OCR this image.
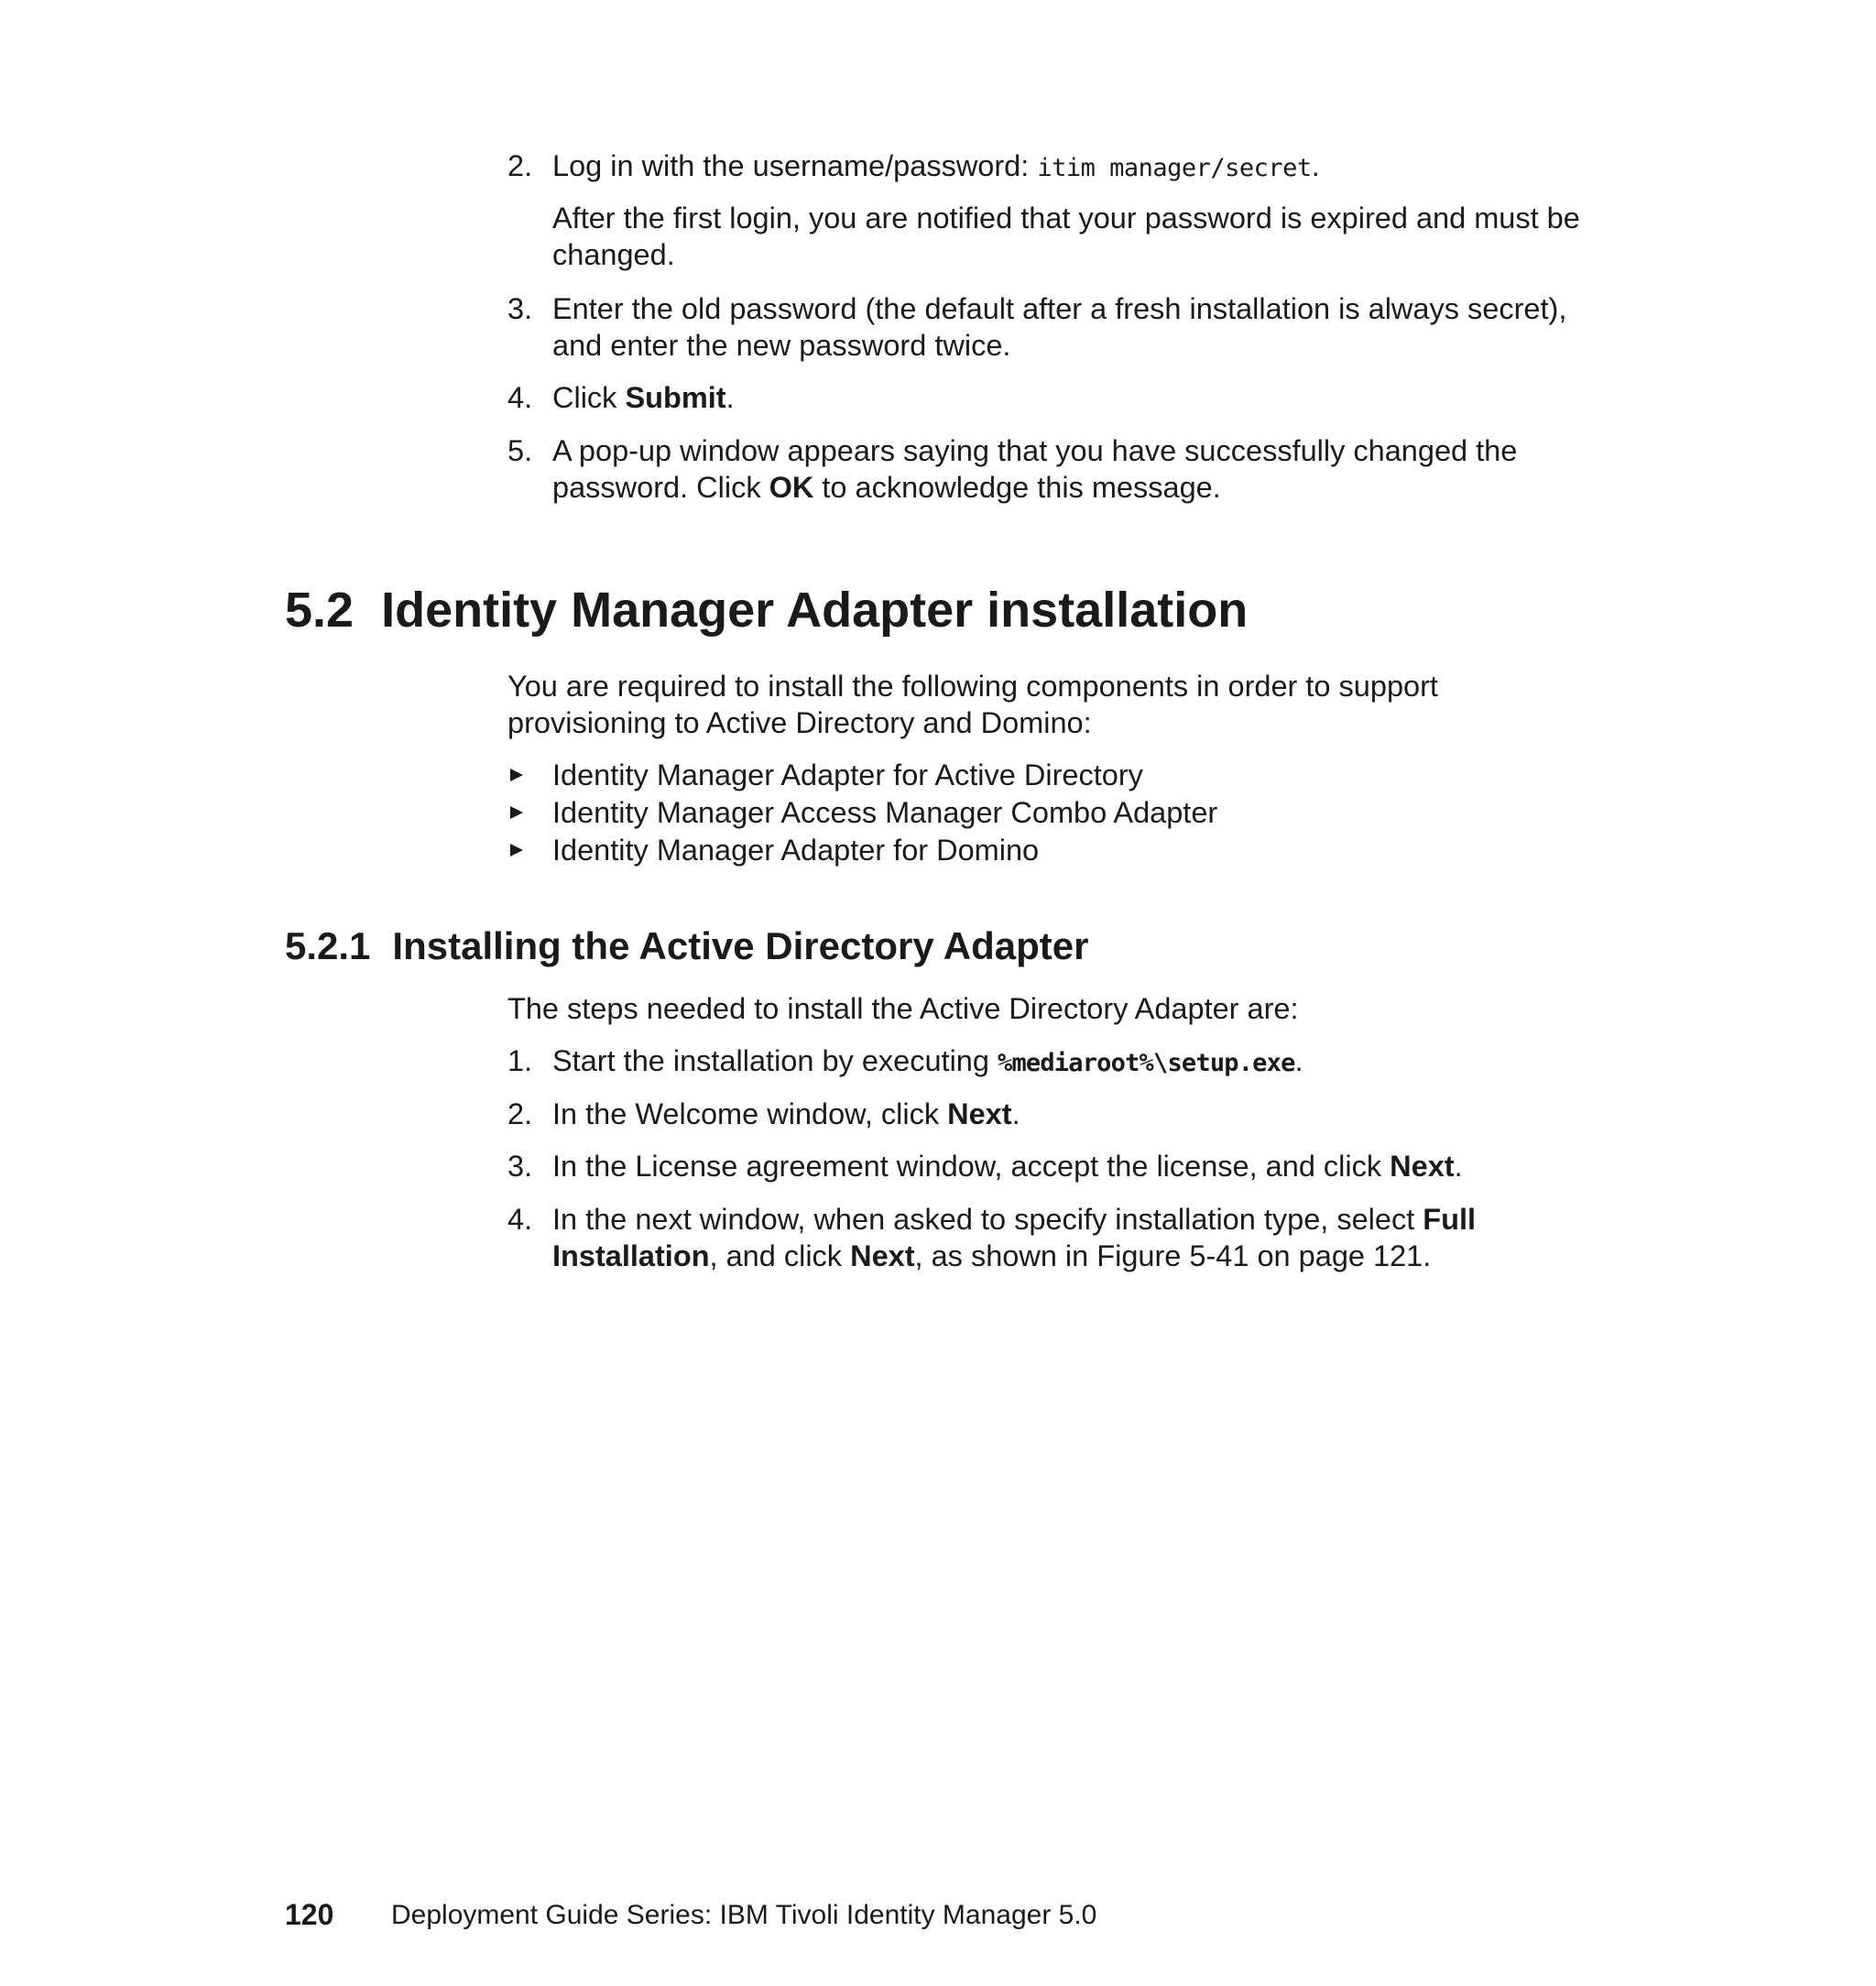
2. Log in with the username/password: itim manager/secret.
After the first login, you are notified that your password is expired and must be
changed.
3. Enter the old password (the default after a fresh installation is always secret),
and enter the new password twice.
4. Click Submit.
5. A pop-up window appears saying that you have successfully changed the
password. Click OK to acknowledge this message.
5.2 Identity Manager Adapter installation
You are required to install the following components in order to support
provisioning to Active Directory and Domino:
Identity Manager Adapter for Active Directory
Identity Manager Access Manager Combo Adapter
Identity Manager Adapter for Domino
5.2.1 Installing the Active Directory Adapter
The steps needed to install the Active Directory Adapter are:
1. Start the installation by executing %mediaroot%\setup.exe.
2. In the Welcome window, click Next.
3. In the License agreement window, accept the license, and click Next.
4. In the next window, when asked to specify installation type, select Full
Installation, and click Next, as shown in Figure 5-41 on page 121.
120 Deployment Guide Series: IBM Tivoli Identity Manager 5.0
